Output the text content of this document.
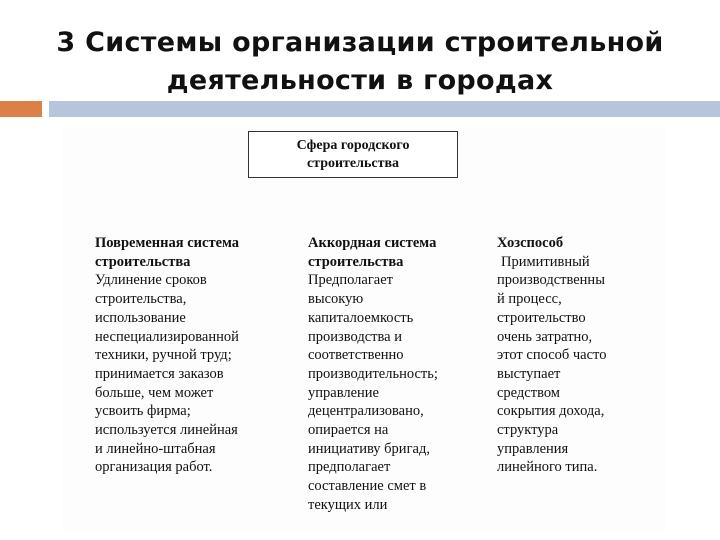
3 Системы организации строительной
деятельности в городах
Сфера городского
строительства
Повременная система
строительства
Удлинение сроков
строительства,
использование
неспециализированной
техники, ручной труд;
принимается заказов
больше, чем может
усвоить фирма;
используется линейная
и линейно-штабная
организация работ.
Аккордная система
строительства
Предполагает
высокую
капиталоемкость
производства и
соответственно
производительность;
управление
децентрализовано,
опирается на
инициативу бригад,
предполагает
составление смет в
текущих или
Хозспособ
Примитивный
производственны
й процесс,
строительство
очень затратно,
этот способ часто
выступает
средством
сокрытия дохода,
структура
управления
линейного типа.
